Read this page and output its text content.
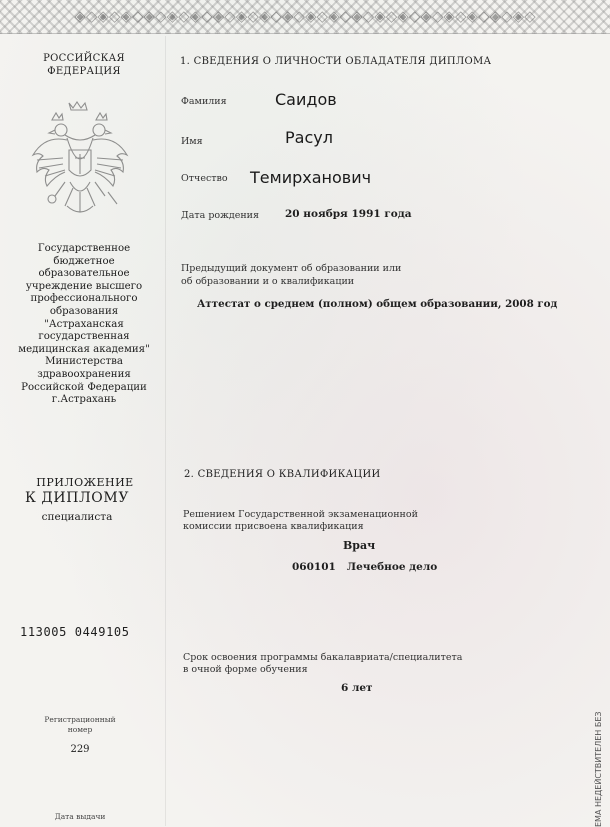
◈◇◈◇◈◇◈◇◈◇◈◇◈◇◈◇◈◇◈◇◈◇◈◇◈◇◈◇◈◇◈◇◈◇◈◇◈◇◈◇
РОССИЙСКАЯ
ФЕДЕРАЦИЯ
Государственное
бюджетное
образовательное
учреждение высшего
профессионального
образования
"Астраханская
государственная
медицинская академия"
Министерства
здравоохранения
Российской Федерации
г.Астрахань
ПРИЛОЖЕНИЕ
К ДИПЛОМУ
специалиста
113005 0449105
Регистрационный
номер
229
Дата выдачи
1. СВЕДЕНИЯ О ЛИЧНОСТИ ОБЛАДАТЕЛЯ ДИПЛОМА
Фамилия	Саидов
Имя	Расул
Отчество Темирханович
Дата рождения 20 ноября 1991 года
Предыдущий документ об образовании или
об образовании и о квалификации
Аттестат о среднем (полном) общем образовании, 2008 год
2. СВЕДЕНИЯ О КВАЛИФИКАЦИИ
Решением Государственной экзаменационной
комиссии присвоена квалификация
Врач
060101   Лечебное дело
Срок освоения программы бакалавриата/специалитета
в очной форме обучения
6 лет
ЕМА НЕДЕЙСТВИТЕЛЕН БЕЗ
